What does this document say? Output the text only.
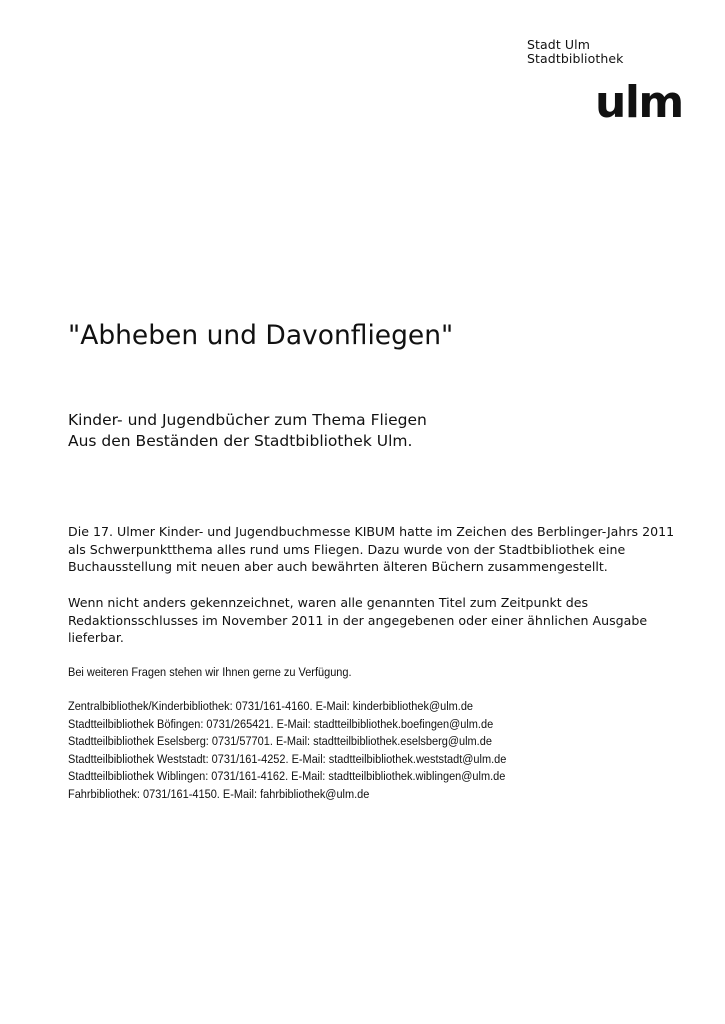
Stadt Ulm
Stadtbibliothek
ulm
"Abheben und Davonfliegen"
Kinder- und Jugendbücher zum Thema Fliegen
Aus den Beständen der Stadtbibliothek Ulm.
Die 17. Ulmer Kinder- und Jugendbuchmesse KIBUM hatte im Zeichen des Berblinger-Jahrs 2011
als Schwerpunktthema alles rund ums Fliegen. Dazu wurde von der Stadtbibliothek eine
Buchausstellung mit neuen aber auch bewährten älteren Büchern zusammengestellt.
Wenn nicht anders gekennzeichnet, waren alle genannten Titel zum Zeitpunkt des
Redaktionsschlusses im November 2011 in der angegebenen oder einer ähnlichen Ausgabe
lieferbar.
Bei weiteren Fragen stehen wir Ihnen gerne zu Verfügung.
Zentralbibliothek/Kinderbibliothek: 0731/161-4160. E-Mail: kinderbibliothek@ulm.de
Stadtteilbibliothek Böfingen: 0731/265421. E-Mail: stadtteilbibliothek.boefingen@ulm.de
Stadtteilbibliothek Eselsberg: 0731/57701. E-Mail: stadtteilbibliothek.eselsberg@ulm.de
Stadtteilbibliothek Weststadt: 0731/161-4252. E-Mail: stadtteilbibliothek.weststadt@ulm.de
Stadtteilbibliothek Wiblingen: 0731/161-4162. E-Mail: stadtteilbibliothek.wiblingen@ulm.de
Fahrbibliothek: 0731/161-4150. E-Mail: fahrbibliothek@ulm.de
